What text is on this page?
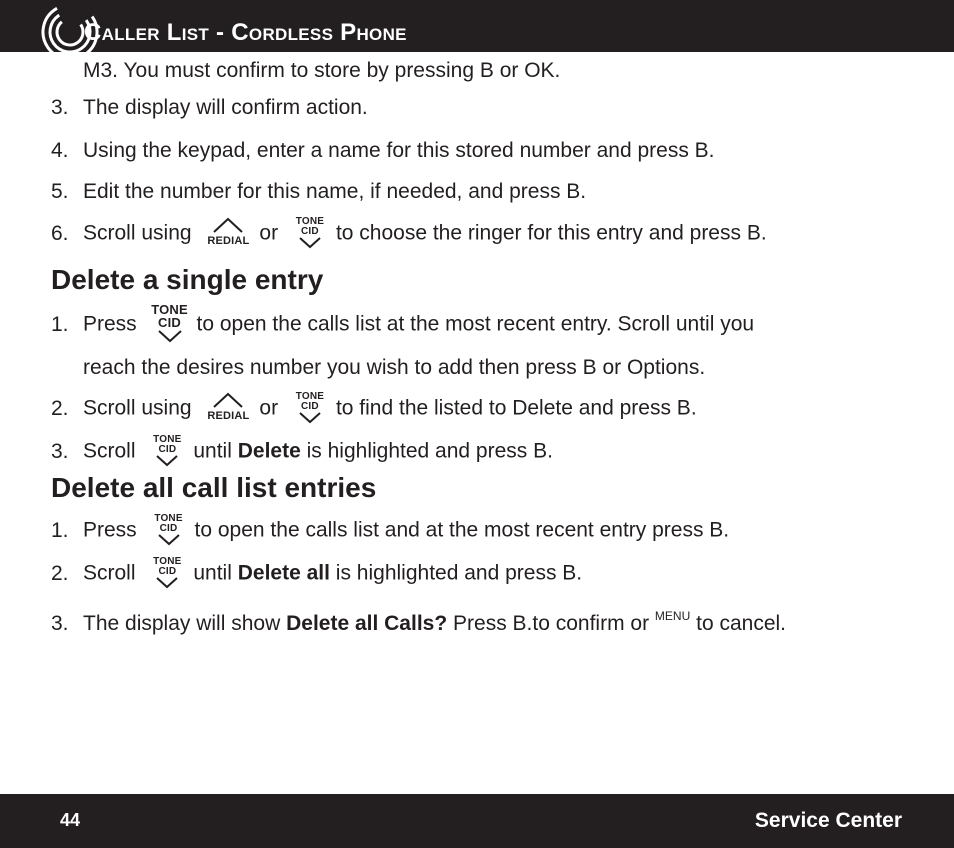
Caller List - Cordless Phone
M3. You must confirm to store by pressing B or OK.
3. The display will confirm action.
4. Using the keypad, enter a name for this stored number and press B.
5. Edit the number for this name, if needed, and press B.
6. Scroll using	REDIAL or
TONE
CID to choose the ringer for this entry and press B.
Delete a single entry
1. Press
TONE
CID to open the calls list at the most recent entry. Scroll until you
reach the desires number you wish to add then press B or Options.
2. Scroll using	REDIAL or
TONE
CID to find the listed to Delete and press B.
3. Scroll
TONE
CID until Delete is highlighted and press B.
Delete all call list entries
1. Press
TONE
CID to open the calls list and at the most recent entry press B.
2. Scroll
TONE
CID until Delete all is highlighted and press B.
3. The display will show Delete all Calls? Press B.to confirm or $^{MENU}$ to cancel.
44	Service Center
